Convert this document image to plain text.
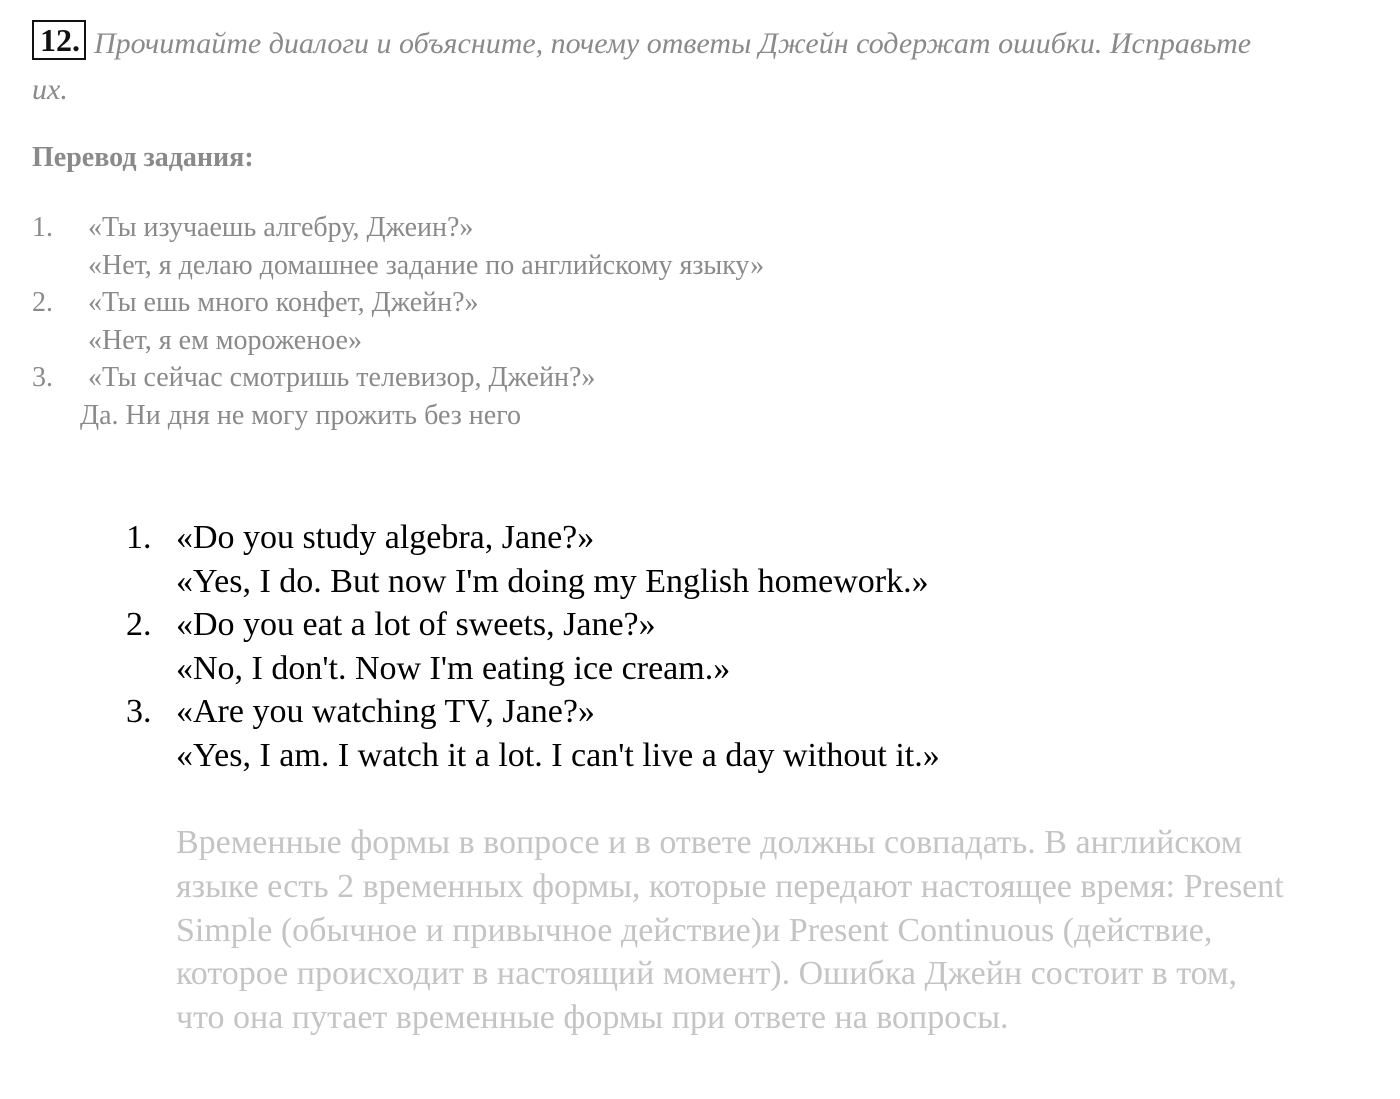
12. Прочитайте диалоги и объясните, почему ответы Джейн содержат ошибки. Исправьте их.
Перевод задания:
1. «Ты изучаешь алгебру, Джеин?»
«Нет, я делаю домашнее задание по английскому языку»
2. «Ты ешь много конфет, Джейн?»
«Нет, я ем мороженое»
3. «Ты сейчас смотришь телевизор, Джейн?»
Да. Ни дня не могу прожить без него
1. «Do you study algebra, Jane?»
«Yes, I do. But now I'm doing my English homework.»
2. «Do you eat a lot of sweets, Jane?»
«No, I don't. Now I'm eating ice cream.»
3. «Are you watching TV, Jane?»
«Yes, I am. I watch it a lot. I can't live a day without it.»

Временные формы в вопросе и в ответе должны совпадать. В английском языке есть 2 временных формы, которые передают настоящее время: Present Simple (обычное и привычное действие)и Present Continuous (действие, которое происходит в настоящий момент). Ошибка Джейн состоит в том, что она путает временные формы при ответе на вопросы.
